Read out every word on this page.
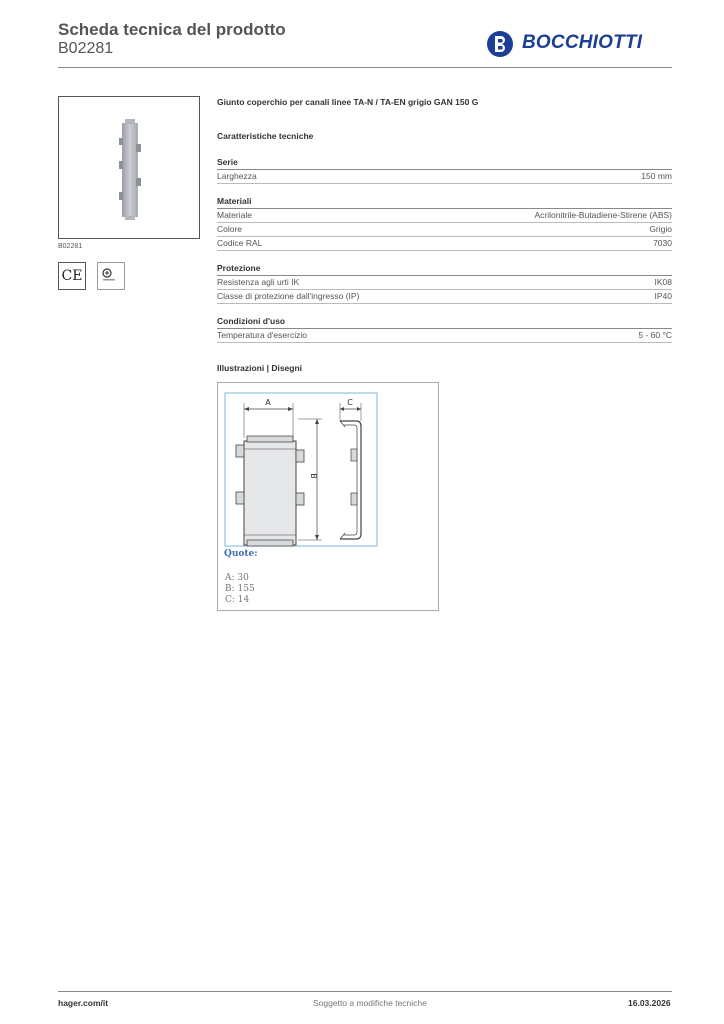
Scheda tecnica del prodotto
B02281	BOCCHIOTTI
B02281
CE
Giunto coperchio per canali linee TA-N / TA-EN grigio GAN 150 G
Caratteristiche tecniche
Serie
Larghezza	150 mm
Materiali
Materiale	Acrilonitrile-Butadiene-Stirene (ABS)
Colore	Grigio
Codice RAL	7030
Protezione
Resistenza agli urti IK	IK08
Classe di protezione dall'ingresso (IP)	IP40
Condizioni d'uso
Temperatura d'esercizio	5 - 60 °C
Illustrazioni | Disegni
A
B
C
Quote:
A: 30
B: 155
C: 14
hager.com/it	Soggetto a modifiche tecniche	16.03.2026
